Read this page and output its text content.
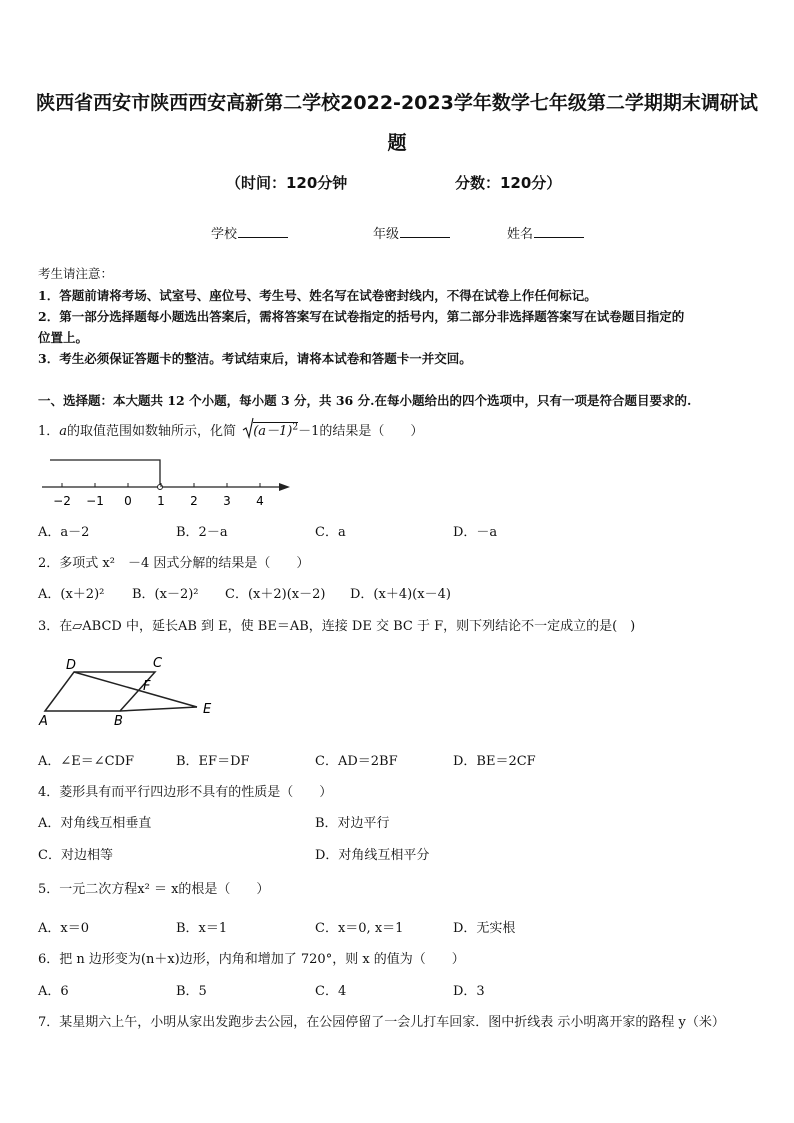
陕西省西安市陕西西安高新第二学校2022-2023学年数学七年级第二学期期末调研试
题
（时间：120分钟	分数：120分）
学校	年级	姓名
考生请注意：
1．答题前请将考场、试室号、座位号、考生号、姓名写在试卷密封线内，不得在试卷上作任何标记。
2．第一部分选择题每小题选出答案后，需将答案写在试卷指定的括号内，第二部分非选择题答案写在试卷题目指定的
位置上。
3．考生必须保证答题卡的整洁。考试结束后，请将本试卷和答题卡一并交回。
一、选择题：本大题共 12 个小题，每小题 3 分，共 36 分.在每小题给出的四个选项中，只有一项是符合题目要求的.
1．a的取值范围如数轴所示，化简 $(a-1)^2-1$的结果是（　　）
−2 −1 0 1 2 3 4
A．a－2	B．2－a	C．a	D．－a
2．多项式 x²　－4 因式分解的结果是（　　）
A．(x＋2)² B．(x－2)² C．(x＋2)(x－2) D．(x＋4)(x－4)
3．在▱ABCD 中，延长AB 到 E，使 BE＝AB，连接 DE 交 BC 于 F，则下列结论不一定成立的是(　)
D	C
F
A	B
E
A．∠E＝∠CDF	B．EF＝DF	C．AD＝2BF	D．BE＝2CF
4．菱形具有而平行四边形不具有的性质是（　　）
A．对角线互相垂直	B．对边平行
C．对边相等	D．对角线互相平分
5．一元二次方程x² ＝ x的根是（　　）
A．x＝0	B．x＝1	C．x＝0, x＝1	D．无实根
6．把 n 边形变为(n＋x)边形，内角和增加了 720°，则 x 的值为（　　）
A．6	B．5	C．4	D．3
7．某星期六上午，小明从家出发跑步去公园，在公园停留了一会儿打车回家．图中折线表 示小明离开家的路程 y（米）
